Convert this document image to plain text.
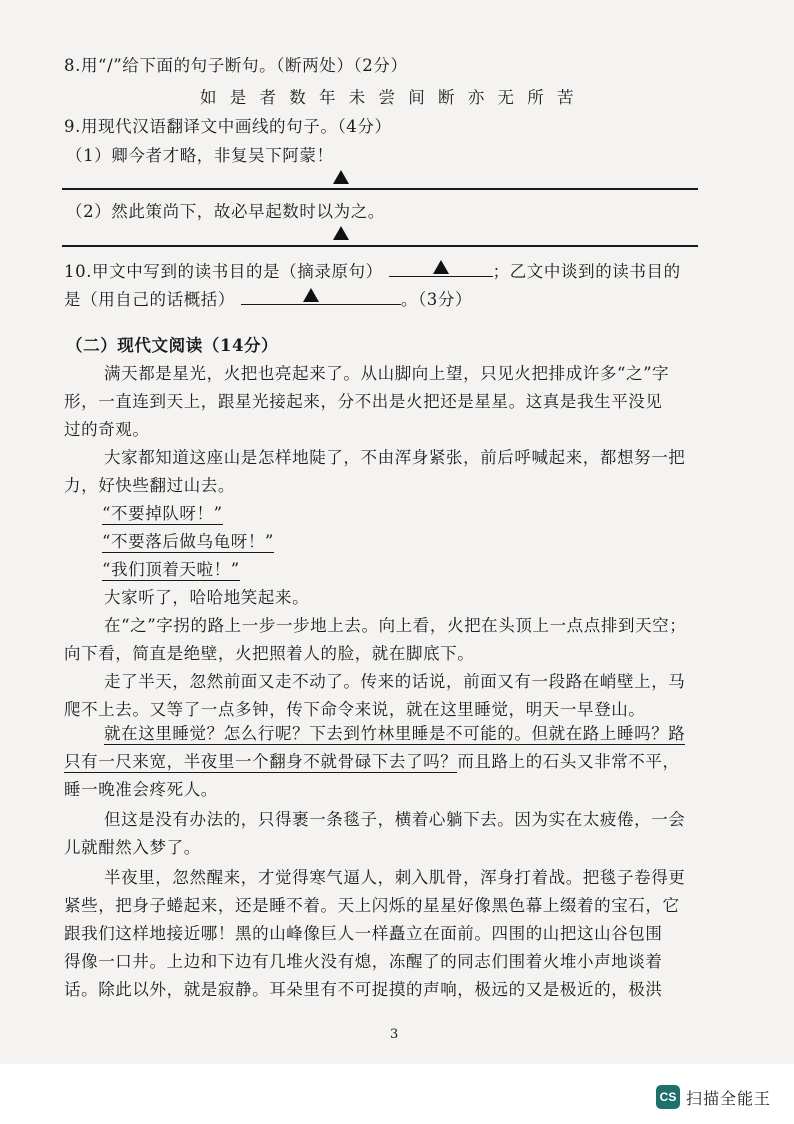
8.用“/”给下面的句子断句。（断两处）（2分）
如 是 者 数 年 未 尝 间 断 亦 无 所 苦
9.用现代汉语翻译文中画线的句子。（4分）
（1）卿今者才略，非复吴下阿蒙！
（2）然此策尚下，故必早起数时以为之。
10.甲文中写到的读书目的是（摘录原句）	；乙文中谈到的读书目的
是（用自己的话概括）	。（3分）
（二）现代文阅读（14分）
满天都是星光，火把也亮起来了。从山脚向上望，只见火把排成许多“之”字
形，一直连到天上，跟星光接起来，分不出是火把还是星星。这真是我生平没见
过的奇观。
大家都知道这座山是怎样地陡了，不由浑身紧张，前后呼喊起来，都想努一把
力，好快些翻过山去。
“不要掉队呀！”
“不要落后做乌龟呀！”
“我们顶着天啦！”
大家听了，哈哈地笑起来。
在“之”字拐的路上一步一步地上去。向上看，火把在头顶上一点点排到天空；
向下看，简直是绝壁，火把照着人的脸，就在脚底下。
走了半天，忽然前面又走不动了。传来的话说，前面又有一段路在峭壁上，马
爬不上去。又等了一点多钟，传下命令来说，就在这里睡觉，明天一早登山。
就在这里睡觉？怎么行呢？下去到竹林里睡是不可能的。但就在路上睡吗？路
只有一尺来宽，半夜里一个翻身不就骨碌下去了吗？而且路上的石头又非常不平，
睡一晚准会疼死人。
但这是没有办法的，只得裹一条毯子，横着心躺下去。因为实在太疲倦，一会
儿就酣然入梦了。
半夜里，忽然醒来，才觉得寒气逼人，刺入肌骨，浑身打着战。把毯子卷得更
紧些，把身子蜷起来，还是睡不着。天上闪烁的星星好像黑色幕上缀着的宝石，它
跟我们这样地接近哪！黑的山峰像巨人一样矗立在面前。四围的山把这山谷包围
得像一口井。上边和下边有几堆火没有熄，冻醒了的同志们围着火堆小声地谈着
话。除此以外，就是寂静。耳朵里有不可捉摸的声响，极远的又是极近的，极洪
3
CS 扫描全能王
